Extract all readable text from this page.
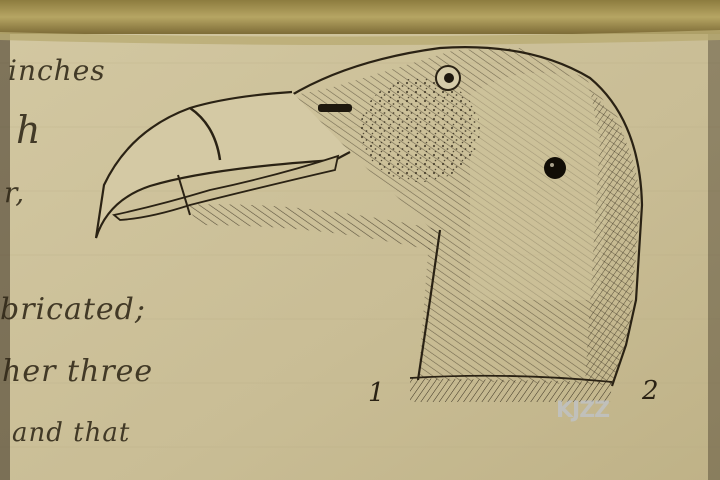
inches

h

r,

bricated;

her three

and that

1	2

KJZZ
